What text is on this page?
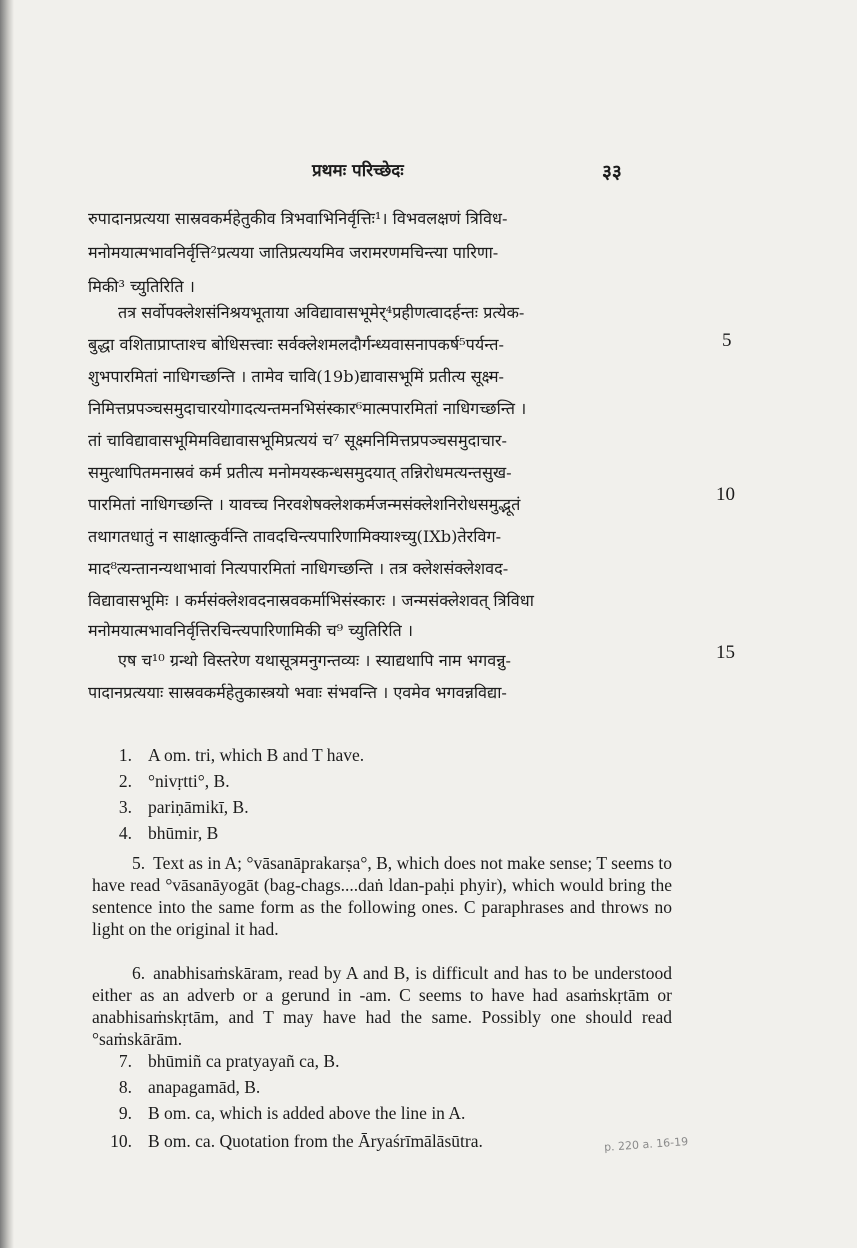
प्रथमः परिच्छेदः	३३
रुपादानप्रत्यया सास्रवकर्महेतुकीव त्रिभवाभिनिर्वृत्तिः¹। विभवलक्षणं त्रिविध-
मनोमयात्मभावनिर्वृत्ति²प्रत्यया जातिप्रत्ययमिव जरामरणमचिन्त्या पारिणा-
मिकी³ च्युतिरिति ।
तत्र सर्वोपक्लेशसंनिश्रयभूताया अविद्यावासभूमेर्⁴प्रहीणत्वादर्हन्तः प्रत्येक-
बुद्धा वशिताप्राप्ताश्च बोधिसत्त्वाः सर्वक्लेशमलदौर्गन्ध्यवासनापकर्ष⁵पर्यन्त-
शुभपारमितां नाधिगच्छन्ति । तामेव चावि(19b)द्यावासभूमिं प्रतीत्य सूक्ष्म-
निमित्तप्रपञ्चसमुदाचारयोगादत्यन्तमनभिसंस्कार⁶मात्मपारमितां नाधिगच्छन्ति ।
तां चाविद्यावासभूमिमविद्यावासभूमिप्रत्ययं च⁷ सूक्ष्मनिमित्तप्रपञ्चसमुदाचार-
समुत्थापितमनास्रवं कर्म प्रतीत्य मनोमयस्कन्धसमुदयात् तन्निरोधमत्यन्तसुख-
पारमितां नाधिगच्छन्ति । यावच्च निरवशेषक्लेशकर्मजन्मसंक्लेशनिरोधसमुद्भूतं
तथागतधातुं न साक्षात्कुर्वन्ति तावदचिन्त्यपारिणामिक्याश्च्यु(IXb)तेरविग-
माद⁸त्यन्तानन्यथाभावां नित्यपारमितां नाधिगच्छन्ति । तत्र क्लेशसंक्लेशवद-
विद्यावासभूमिः । कर्मसंक्लेशवदनास्रवकर्माभिसंस्कारः । जन्मसंक्लेशवत् त्रिविधा
मनोमयात्मभावनिर्वृत्तिरचिन्त्यपारिणामिकी च⁹ च्युतिरिति ।
एष च¹⁰ ग्रन्थो विस्तरेण यथासूत्रमनुगन्तव्यः । स्याद्यथापि नाम भगवन्नु-
पादानप्रत्ययाः सास्रवकर्महेतुकास्त्रयो भवाः संभवन्ति । एवमेव भगवन्नविद्या-
5
10
15
1. A om. tri, which B and T have.
2. °nivṛtti°, B.
3. pariṇāmikī, B.
4. bhūmir, B
5. Text as in A; °vāsanāprakarṣa°, B, which does not make sense; T seems to have read °vāsanāyogāt (bag-chags....daṅ ldan-paḥi phyir), which would bring the sentence into the same form as the following ones. C paraphrases and throws no light on the original it had.
6. anabhisaṁskāram, read by A and B, is difficult and has to be understood either as an adverb or a gerund in -am. C seems to have had asaṁskṛtām or anabhisaṁskṛtām, and T may have had the same. Possibly one should read °saṁskārām.
7. bhūmiñ ca pratyayañ ca, B.
8. anapagamād, B.
9. B om. ca, which is added above the line in A.
10. B om. ca. Quotation from the Āryaśrīmālāsūtra.	p. 220 a. 16-19
